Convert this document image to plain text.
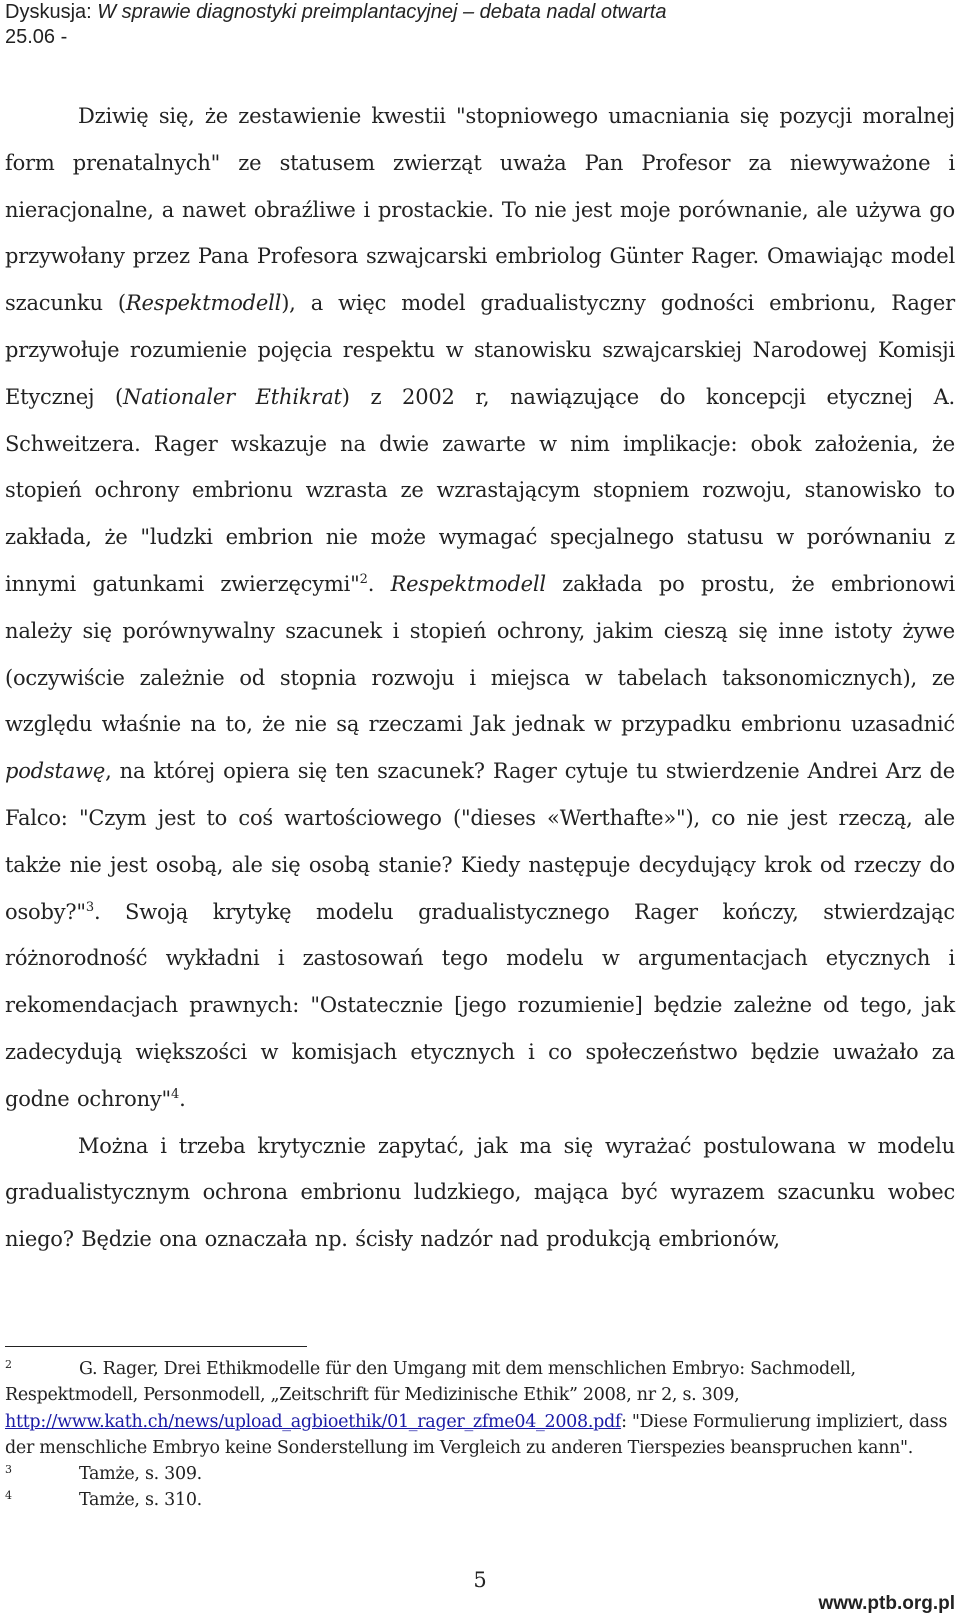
Dyskusja: W sprawie diagnostyki preimplantacyjnej – debata nadal otwarta
25.06 -

Dziwię się, że zestawienie kwestii "stopniowego umacniania się pozycji moralnej form prenatalnych" ze statusem zwierząt uważa Pan Profesor za niewyważone i nieracjonalne, a nawet obraźliwe i prostackie. To nie jest moje porównanie, ale używa go przywołany przez Pana Profesora szwajcarski embriolog Günter Rager. Omawiając model szacunku (Respektmodell), a więc model gradualistyczny godności embrionu, Rager przywołuje rozumienie pojęcia respektu w stanowisku szwajcarskiej Narodowej Komisji Etycznej (Nationaler Ethikrat) z 2002 r, nawiązujące do koncepcji etycznej A. Schweitzera. Rager wskazuje na dwie zawarte w nim implikacje: obok założenia, że stopień ochrony embrionu wzrasta ze wzrastającym stopniem rozwoju, stanowisko to zakłada, że "ludzki embrion nie może wymagać specjalnego statusu w porównaniu z innymi gatunkami zwierzęcymi"$^2$. Respektmodell zakłada po prostu, że embrionowi należy się porównywalny szacunek i stopień ochrony, jakim cieszą się inne istoty żywe (oczywiście zależnie od stopnia rozwoju i miejsca w tabelach taksonomicznych), ze względu właśnie na to, że nie są rzeczami Jak jednak w przypadku embrionu uzasadnić podstawę, na której opiera się ten szacunek? Rager cytuje tu stwierdzenie Andrei Arz de Falco: "Czym jest to coś wartościowego ("dieses «Werthafte»"), co nie jest rzeczą, ale także nie jest osobą, ale się osobą stanie? Kiedy następuje decydujący krok od rzeczy do osoby?"$^3$. Swoją krytykę modelu gradualistycznego Rager kończy, stwierdzając różnorodność wykładni i zastosowań tego modelu w argumentacjach etycznych i rekomendacjach prawnych: "Ostatecznie [jego rozumienie] będzie zależne od tego, jak zadecydują większości w komisjach etycznych i co społeczeństwo będzie uważało za godne ochrony"$^4$.

Można i trzeba krytycznie zapytać, jak ma się wyrażać postulowana w modelu gradualistycznym ochrona embrionu ludzkiego, mająca być wyrazem szacunku wobec niego? Będzie ona oznaczała np. ścisły nadzór nad produkcją embrionów,

2	G. Rager, Drei Ethikmodelle für den Umgang mit dem menschlichen Embryo: Sachmodell, Respektmodell, Personmodell, „Zeitschrift für Medizinische Ethik” 2008, nr 2, s. 309, http://www.kath.ch/news/upload_agbioethik/01_rager_zfme04_2008.pdf: "Diese Formulierung impliziert, dass der menschliche Embryo keine Sonderstellung im Vergleich zu anderen Tierspezies beanspruchen kann".

3	Tamże, s. 309.

4	Tamże, s. 310.

5
www.ptb.org.pl
